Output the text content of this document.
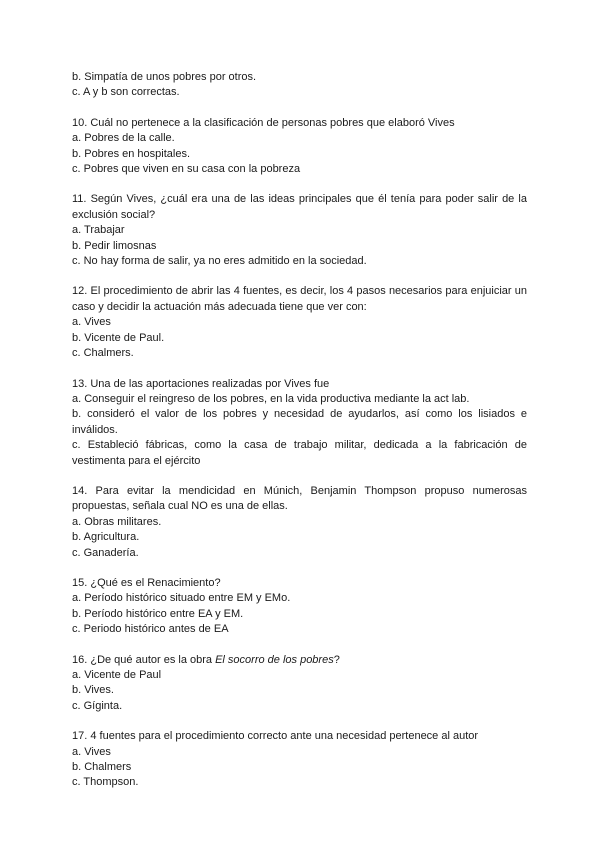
b. Simpatía de unos pobres por otros.
c. A y b son correctas.
10. Cuál no pertenece a la clasificación de personas pobres que elaboró Vives
a. Pobres de la calle.
b. Pobres en hospitales.
c. Pobres que viven en su casa con la pobreza
11. Según Vives, ¿cuál era una de las ideas principales que él tenía para poder salir de la exclusión social?
a. Trabajar
b. Pedir limosnas
c. No hay forma de salir, ya no eres admitido en la sociedad.
12. El procedimiento de abrir las 4 fuentes, es decir, los 4 pasos necesarios para enjuiciar un caso y decidir la actuación más adecuada tiene que ver con:
a. Vives
b. Vicente de Paul.
c. Chalmers.
13. Una de las aportaciones realizadas por Vives fue
a. Conseguir el reingreso de los pobres, en la vida productiva mediante la act lab.
b. consideró el valor de los pobres y necesidad de ayudarlos, así como los lisiados e inválidos.
c. Estableció fábricas, como la casa de trabajo militar, dedicada a la fabricación de vestimenta para el ejército
14. Para evitar la mendicidad en Múnich, Benjamin Thompson propuso numerosas propuestas, señala cual NO es una de ellas.
a. Obras militares.
b. Agricultura.
c. Ganadería.
15. ¿Qué es el Renacimiento?
a. Período histórico situado entre EM y EMo.
b. Período histórico entre EA y EM.
c. Periodo histórico antes de EA
16. ¿De qué autor es la obra El socorro de los pobres?
a. Vicente de Paul
b. Vives.
c. Gíginta.
17. 4 fuentes para el procedimiento correcto ante una necesidad pertenece al autor
a. Vives
b. Chalmers
c. Thompson.
